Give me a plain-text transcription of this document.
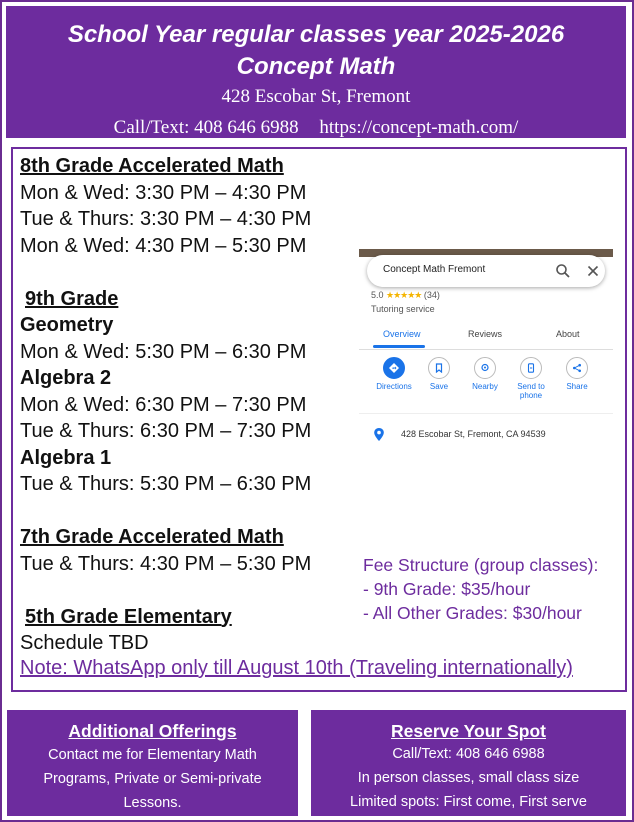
School Year regular classes year 2025-2026
Concept Math
428 Escobar St, Fremont
Call/Text: 408 646 6988 https://concept-math.com/
8th Grade Accelerated Math
Mon & Wed: 3:30 PM – 4:30 PM
Tue & Thurs: 3:30 PM – 4:30 PM
Mon & Wed: 4:30 PM – 5:30 PM
9th Grade
Geometry
Mon & Wed: 5:30 PM – 6:30 PM
Algebra 2
Mon & Wed: 6:30 PM – 7:30 PM
Tue & Thurs: 6:30 PM – 7:30 PM
Algebra 1
Tue & Thurs: 5:30 PM – 6:30 PM
7th Grade Accelerated Math
Tue & Thurs: 4:30 PM – 5:30 PM
5th Grade Elementary
Schedule TBD
Note: WhatsApp only till August 10th (Traveling internationally)
Concept Math Fremont
5.0 ★★★★★ (34)
Tutoring service
Overview	Reviews	About
Directions	Save	Nearby	Send to
phone
Share
428 Escobar St, Fremont, CA 94539
Fee Structure (group classes):
- 9th Grade: $35/hour
- All Other Grades: $30/hour
Additional Offerings
Contact me for Elementary Math
Programs, Private or Semi-private
Lessons.
Reserve Your Spot
Call/Text: 408 646 6988
In person classes, small class size
Limited spots: First come, First serve
